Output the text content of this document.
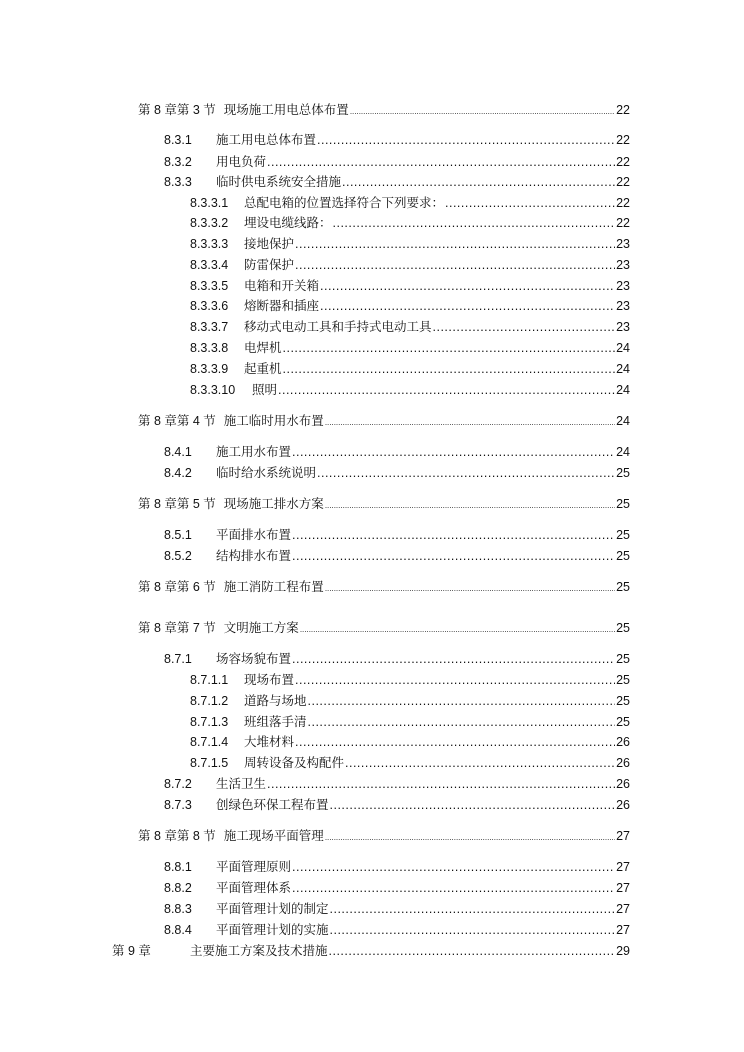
第 8 章第 3 节 现场施工用电总体布置 .....	22
8.3.1	施工用电总体布置 .....	22
8.3.2	用电负荷 .....	22
8.3.3	临时供电系统安全措施 .....	22
8.3.3.1	总配电箱的位置选择符合下列要求： .....	22
8.3.3.2	埋设电缆线路： .....	22
8.3.3.3	接地保护 .....	23
8.3.3.4	防雷保护 .....	23
8.3.3.5	电箱和开关箱 .....	23
8.3.3.6	熔断器和插座 .....	23
8.3.3.7	移动式电动工具和手持式电动工具 .....	23
8.3.3.8	电焊机 .....	24
8.3.3.9	起重机 .....	24
8.3.3.10	照明 .....	24
第 8 章第 4 节 施工临时用水布置 .....	24
8.4.1	施工用水布置 .....	24
8.4.2	临时给水系统说明 .....	25
第 8 章第 5 节 现场施工排水方案 .....	25
8.5.1	平面排水布置 .....	25
8.5.2	结构排水布置 .....	25
第 8 章第 6 节 施工消防工程布置 .....	25
第 8 章第 7 节 文明施工方案 .....	25
8.7.1	场容场貌布置 .....	25
8.7.1.1	现场布置 .....	25
8.7.1.2	道路与场地 .....	25
8.7.1.3	班组落手清 .....	25
8.7.1.4	大堆材料 .....	26
8.7.1.5	周转设备及构配件 .....	26
8.7.2	生活卫生 .....	26
8.7.3	创绿色环保工程布置 .....	26
第 8 章第 8 节 施工现场平面管理 .....	27
8.8.1	平面管理原则 .....	27
8.8.2	平面管理体系 .....	27
8.8.3	平面管理计划的制定 .....	27
8.8.4	平面管理计划的实施 .....	27
第 9 章	主要施工方案及技术措施 .....	29
